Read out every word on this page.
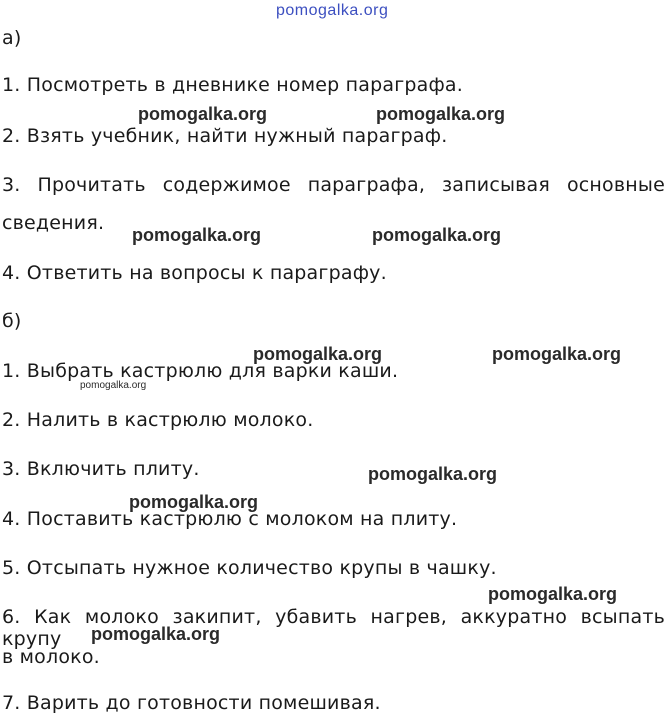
pomogalka.org
а)
1. Посмотреть в дневнике номер параграфа.
2. Взять учебник, найти нужный параграф.
3. Прочитать содержимое параграфа, записывая основные
сведения.
4. Ответить на вопросы к параграфу.
б)
1. Выбрать кастрюлю для варки каши.
2. Налить в кастрюлю молоко.
3. Включить плиту.
4. Поставить кастрюлю с молоком на плиту.
5. Отсыпать нужное количество крупы в чашку.
6. Как молоко закипит, убавить нагрев, аккуратно всыпать крупу
в молоко.
7. Варить до готовности помешивая.
pomogalka.org	pomogalka.org
pomogalka.org	pomogalka.org
pomogalka.org	pomogalka.org
pomogalka.org
pomogalka.org
pomogalka.org
pomogalka.org
pomogalka.org
